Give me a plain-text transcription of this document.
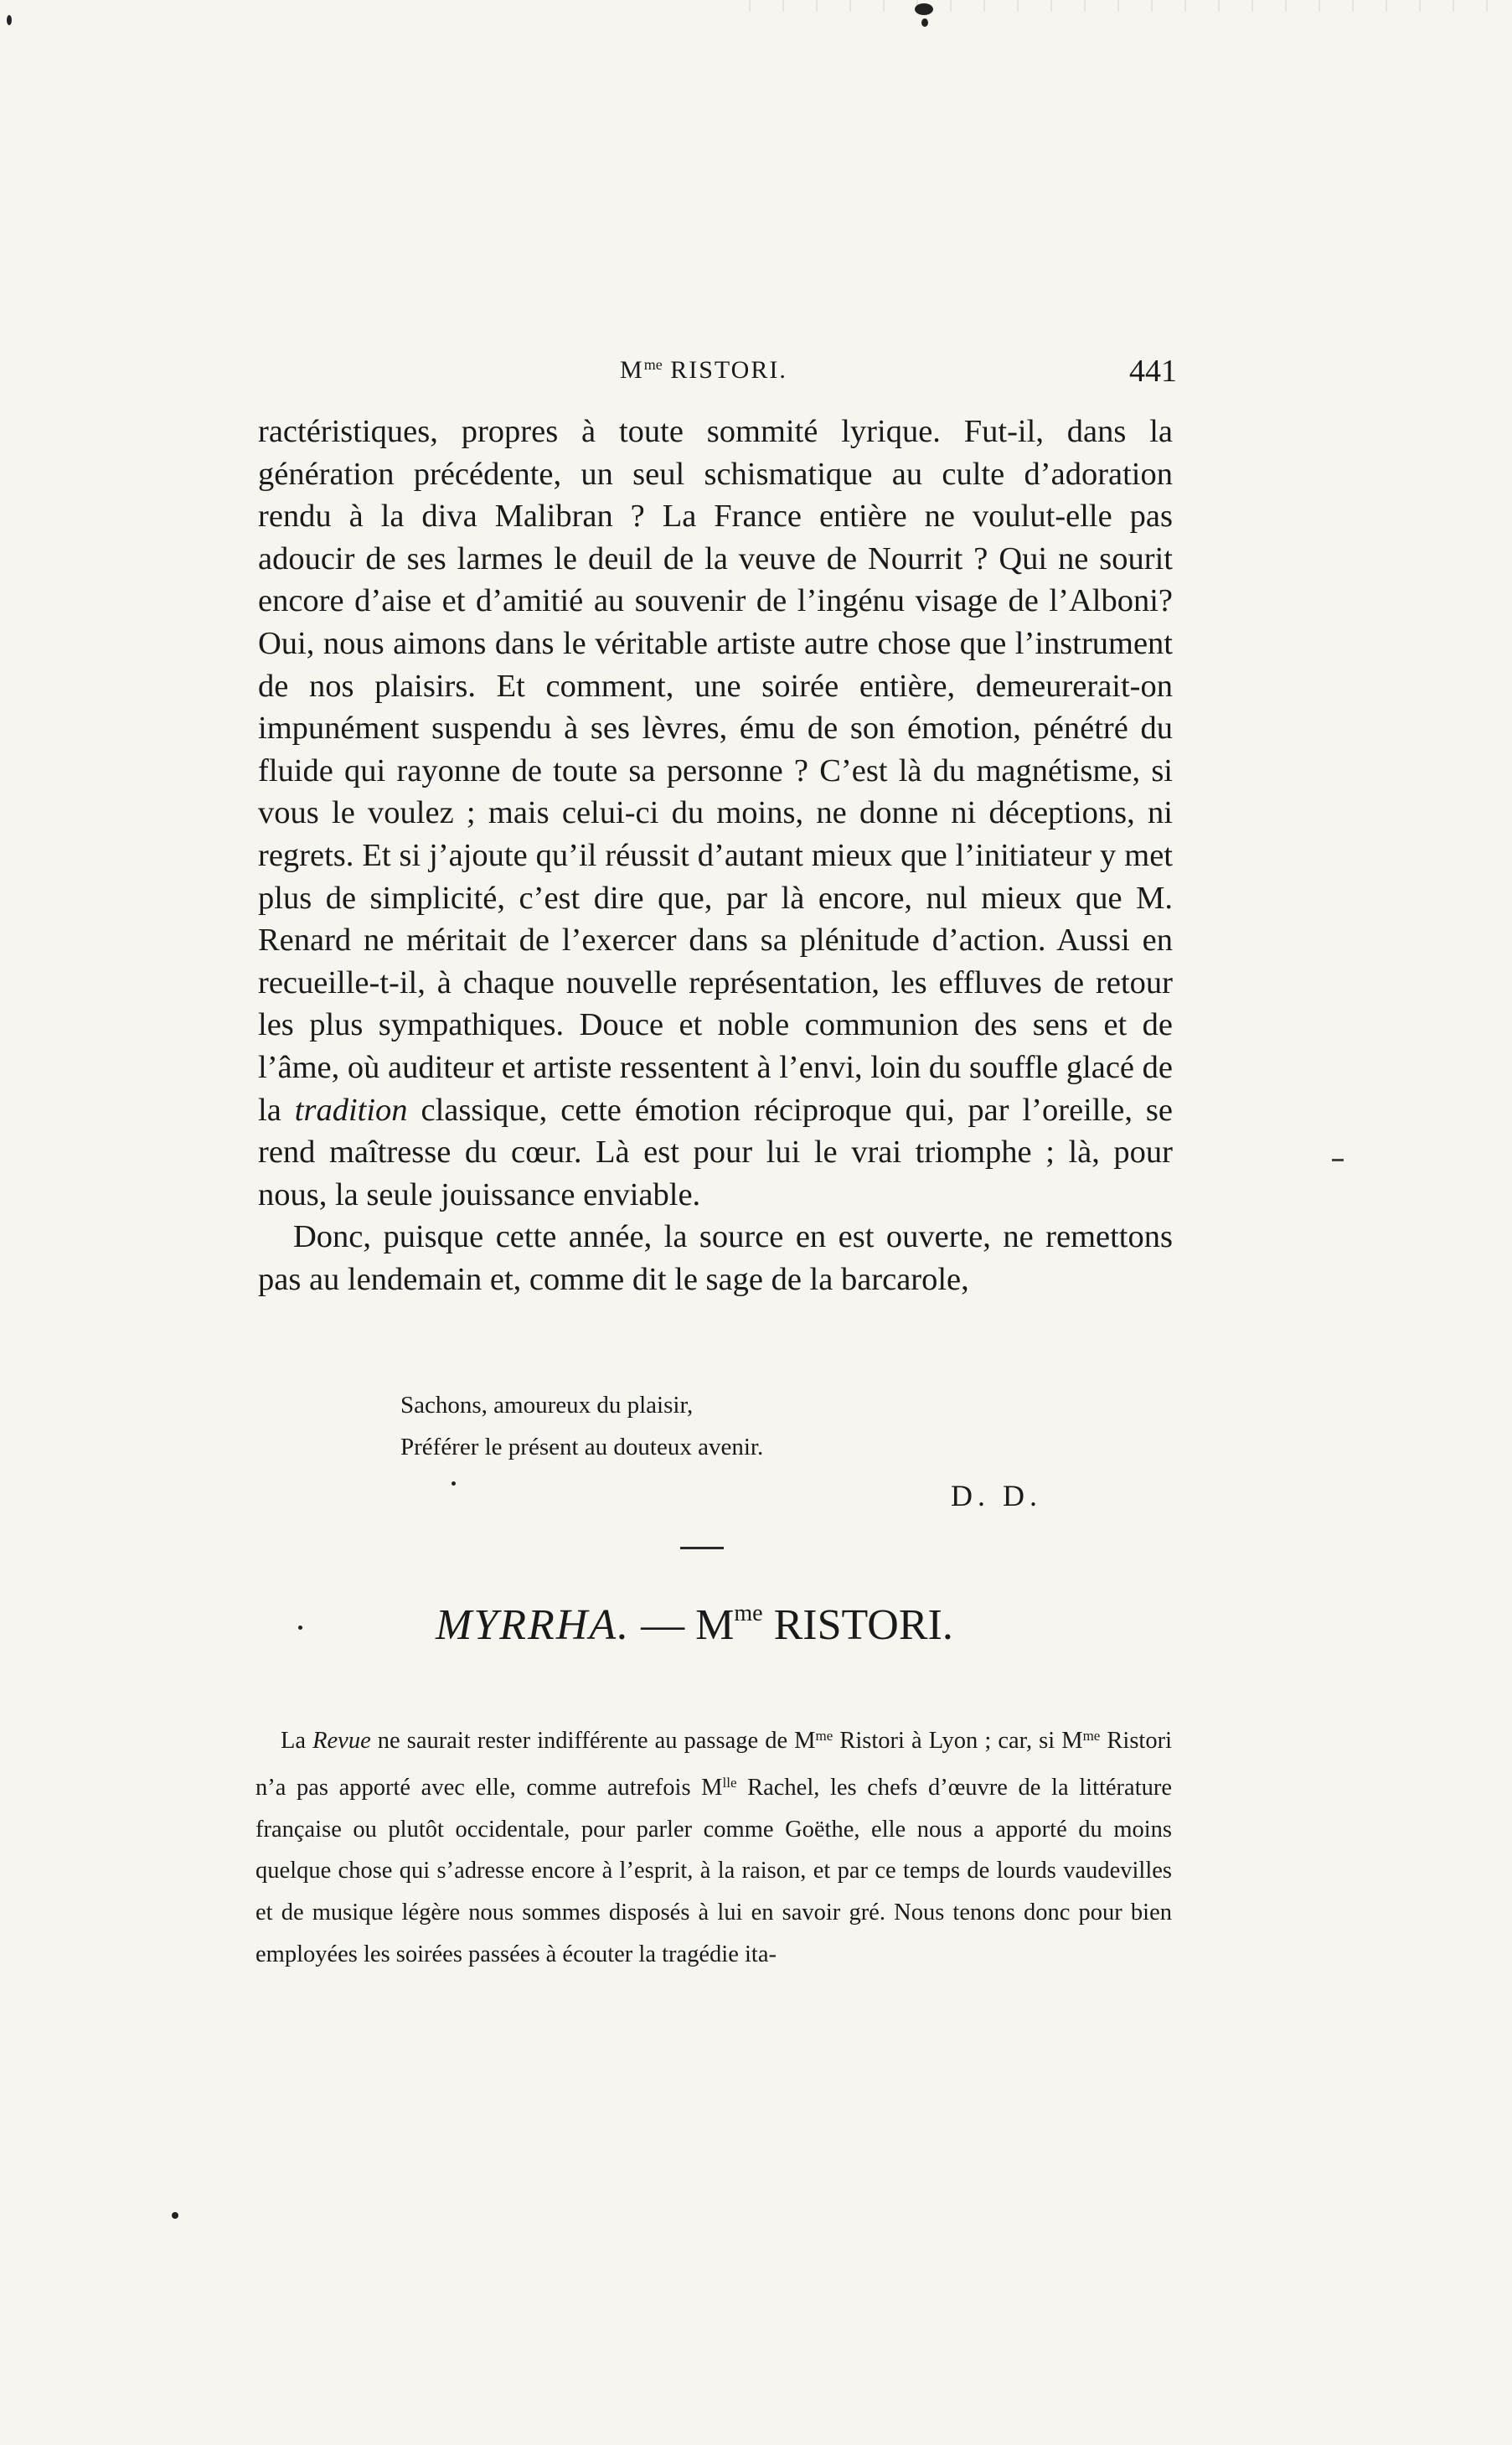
$M^{me}$ RISTORI.	441

ractéristiques, propres à toute sommité lyrique. Fut-il, dans la génération précédente, un seul schismatique au culte d’adoration rendu à la diva Malibran ? La France entière ne voulut-elle pas adoucir de ses larmes le deuil de la veuve de Nourrit ? Qui ne sourit encore d’aise et d’amitié au souvenir de l’ingénu visage de l’Alboni? Oui, nous aimons dans le véritable artiste autre chose que l’instrument de nos plaisirs. Et comment, une soirée entière, demeurerait-on impunément suspendu à ses lèvres, ému de son émotion, pénétré du fluide qui rayonne de toute sa personne ? C’est là du magnétisme, si vous le voulez ; mais celui-ci du moins, ne donne ni déceptions, ni regrets. Et si j’ajoute qu’il réussit d’autant mieux que l’initiateur y met plus de simplicité, c’est dire que, par là encore, nul mieux que M. Renard ne méritait de l’exercer dans sa plénitude d’action. Aussi en recueille-t-il, à chaque nouvelle représentation, les effluves de retour les plus sympathiques. Douce et noble communion des sens et de l’âme, où auditeur et artiste ressentent à l’envi, loin du souffle glacé de la tradition classique, cette émotion réciproque qui, par l’oreille, se rend maîtresse du cœur. Là est pour lui le vrai triomphe ; là, pour nous, la seule jouissance enviable.

Donc, puisque cette année, la source en est ouverte, ne remettons pas au lendemain et, comme dit le sage de la barcarole,

Sachons, amoureux du plaisir,
Préférer le présent au douteux avenir.
D. D.
MYRRHA. — $M^{me}$ RISTORI.

La Revue ne saurait rester indifférente au passage de $M^{me}$ Ristori à Lyon ; car, si $M^{me}$ Ristori n’a pas apporté avec elle, comme autrefois $M^{lle}$ Rachel, les chefs d’œuvre de la littérature française ou plutôt occidentale, pour parler comme Goëthe, elle nous a apporté du moins quelque chose qui s’adresse encore à l’esprit, à la raison, et par ce temps de lourds vaudevilles et de musique légère nous sommes disposés à lui en savoir gré. Nous tenons donc pour bien employées les soirées passées à écouter la tragédie ita-
